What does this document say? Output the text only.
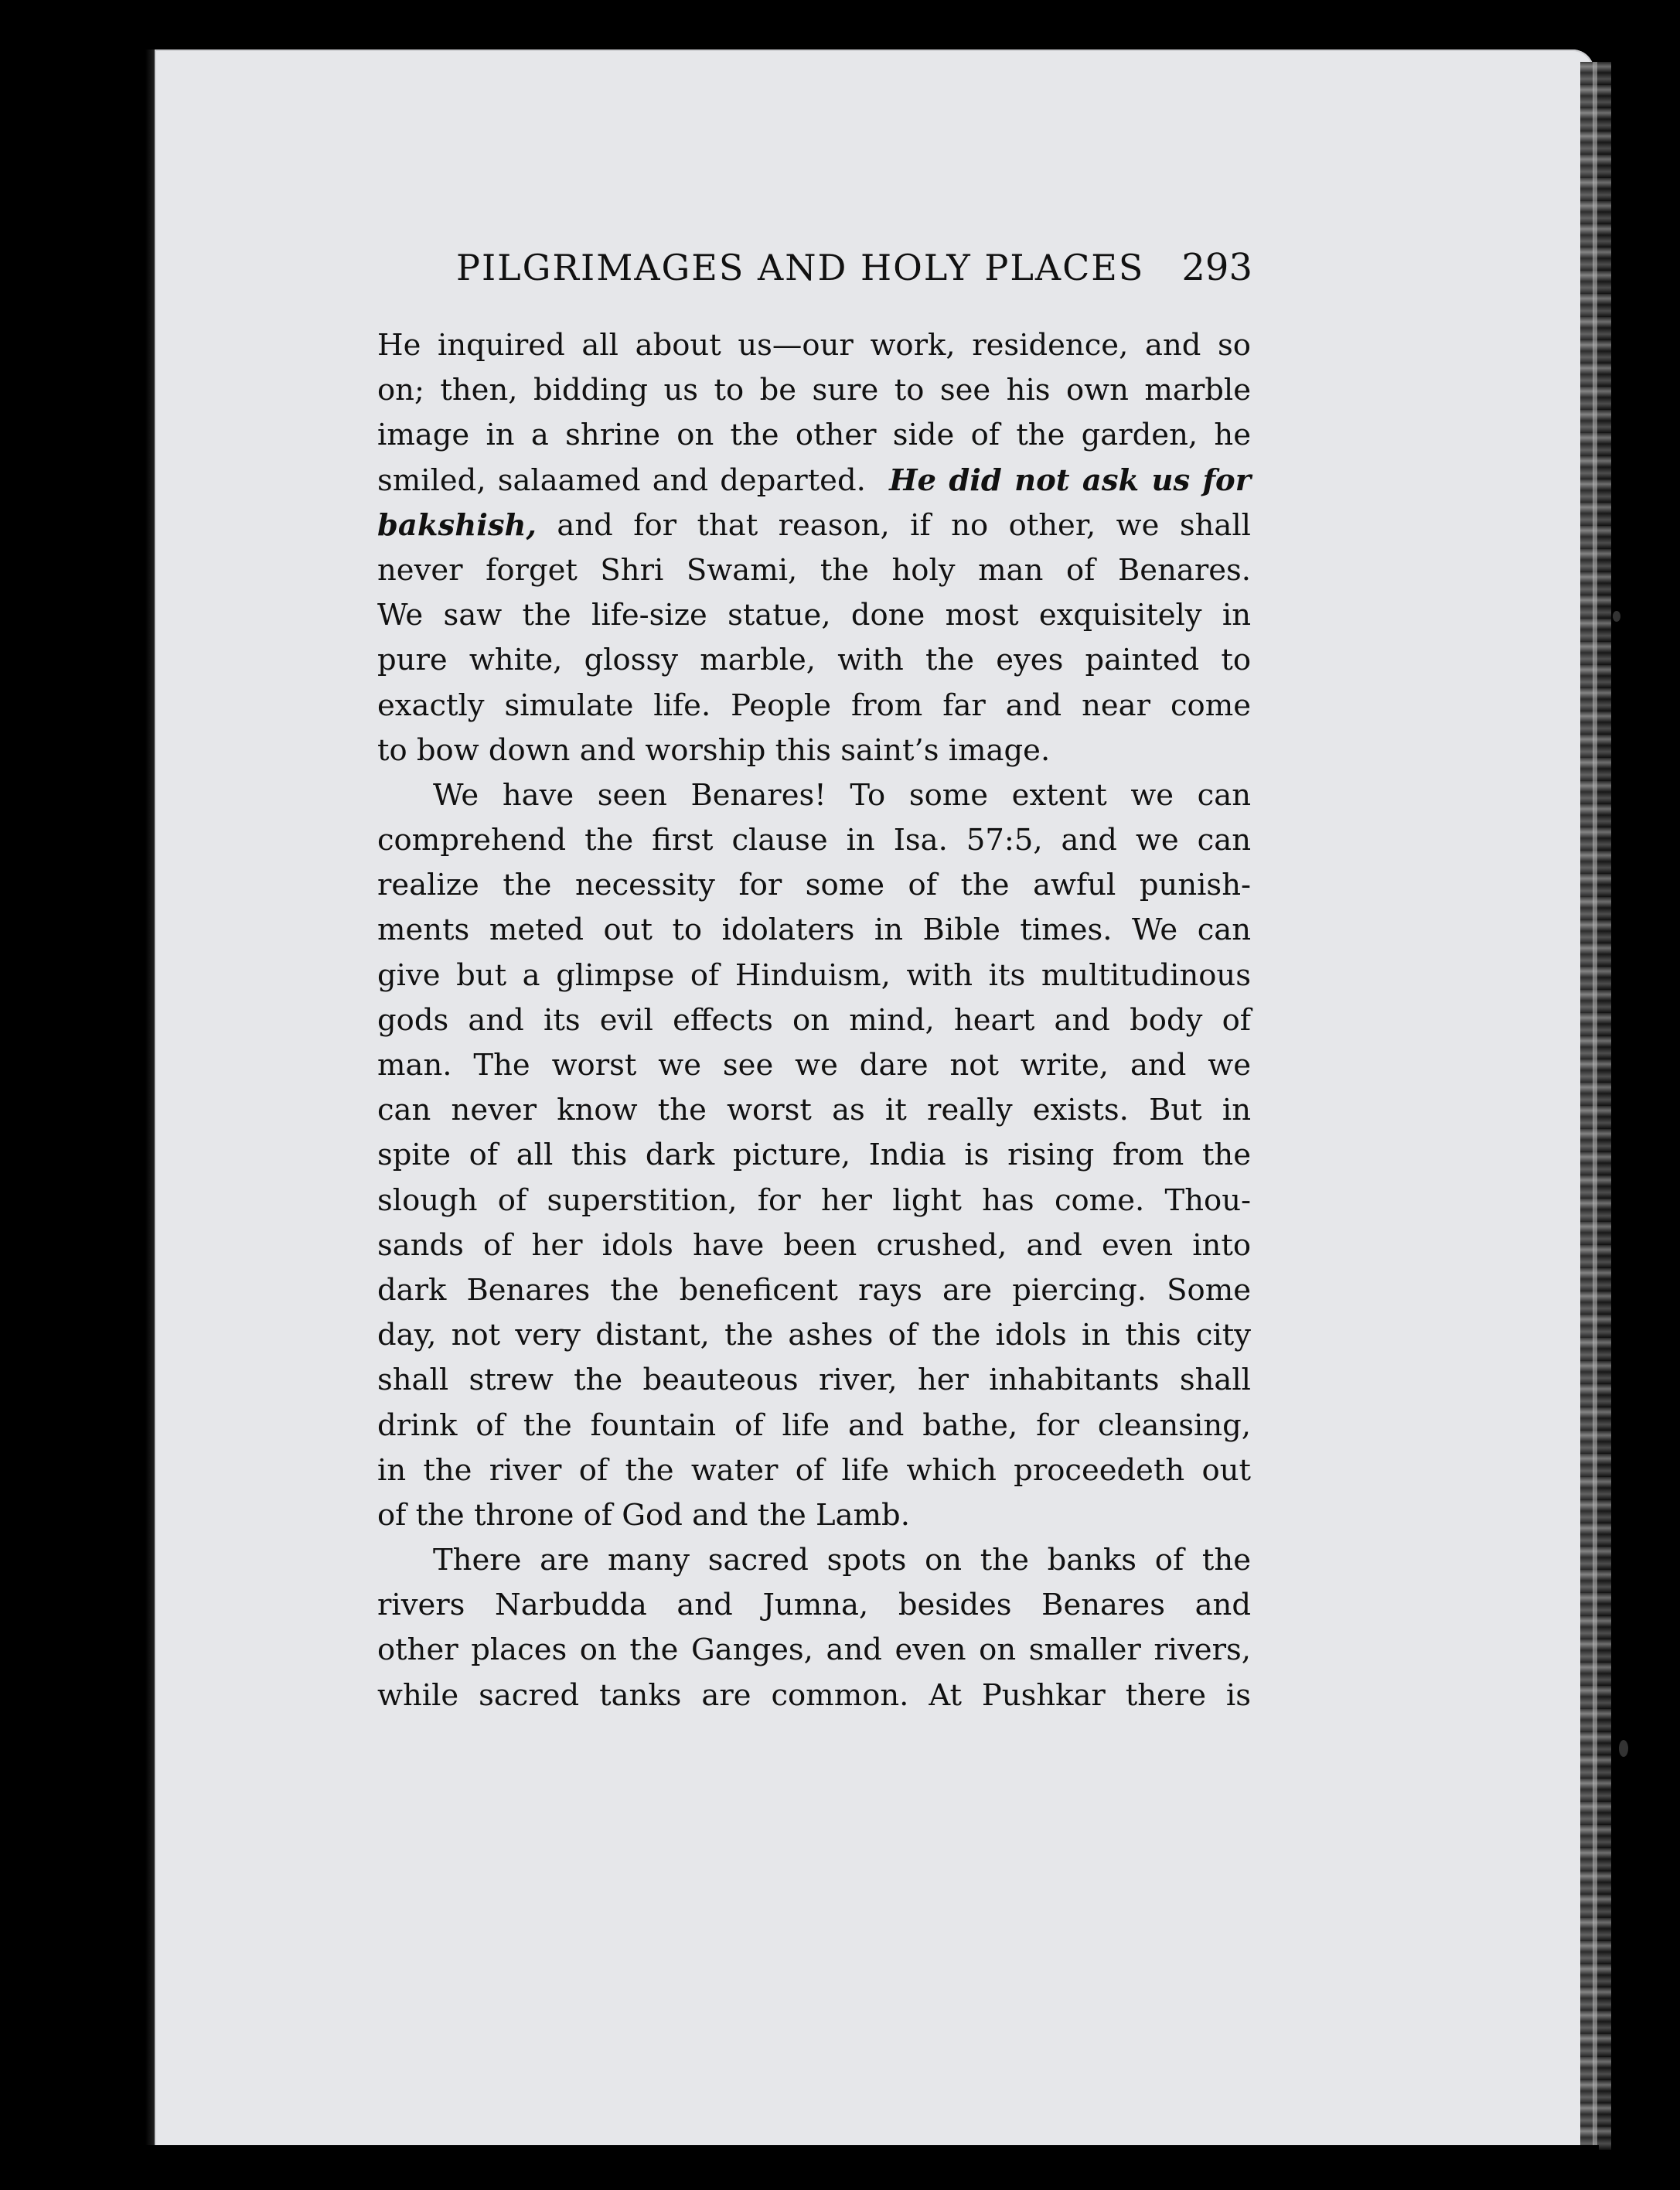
PILGRIMAGES AND HOLY PLACES 293
He inquired all about us—our work, residence, and so
on; then, bidding us to be sure to see his own marble
image in a shrine on the other side of the garden, he
smiled, salaamed and departed. He did not ask us for
bakshish, and for that reason, if no other, we shall
never forget Shri Swami, the holy man of Benares.
We saw the life-size statue, done most exquisitely in
pure white, glossy marble, with the eyes painted to
exactly simulate life. People from far and near come
to bow down and worship this saint’s image.
We have seen Benares! To some extent we can
comprehend the first clause in Isa. 57:5, and we can
realize the necessity for some of the awful punish-
ments meted out to idolaters in Bible times. We can
give but a glimpse of Hinduism, with its multitudinous
gods and its evil effects on mind, heart and body of
man. The worst we see we dare not write, and we
can never know the worst as it really exists. But in
spite of all this dark picture, India is rising from the
slough of superstition, for her light has come. Thou-
sands of her idols have been crushed, and even into
dark Benares the beneficent rays are piercing. Some
day, not very distant, the ashes of the idols in this city
shall strew the beauteous river, her inhabitants shall
drink of the fountain of life and bathe, for cleansing,
in the river of the water of life which proceedeth out
of the throne of God and the Lamb.
There are many sacred spots on the banks of the
rivers Narbudda and Jumna, besides Benares and
other places on the Ganges, and even on smaller rivers,
while sacred tanks are common. At Pushkar there is
